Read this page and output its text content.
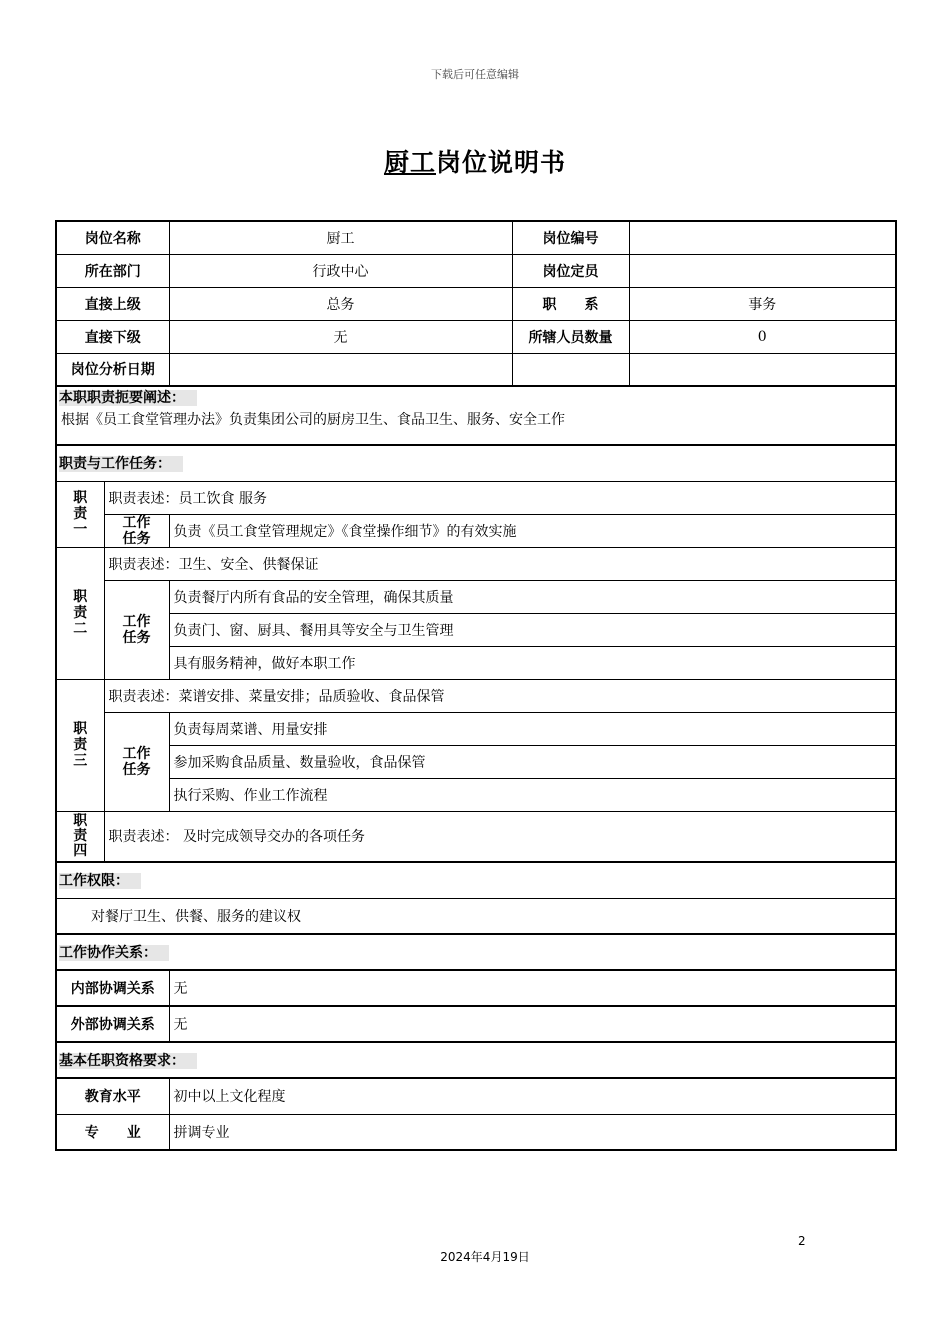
下载后可任意编辑
厨工岗位说明书
岗位名称		厨工	岗位编号	
所在部门		行政中心	岗位定员	
直接上级		总务	职　　系	事务
直接下级		无	所辖人员数量	0
岗位分析日期				
本职职责扼要阐述：				
根据《员工食堂管理办法》负责集团公司的厨房卫生、食品卫生、服务、安全工作				
职责与工作任务：				
职责一	职责表述：员工饮食 服务			
	工作任务	负责《员工食堂管理规定》《食堂操作细节》的有效实施		
职责二	职责表述：卫生、安全、供餐保证			
	工作任务	负责餐厅内所有食品的安全管理，确保其质量		
		负责门、窗、厨具、餐用具等安全与卫生管理		
		具有服务精神，做好本职工作		
职责三	职责表述：菜谱安排、菜量安排；品质验收、食品保管			
	工作任务	负责每周菜谱、用量安排		
		参加采购食品质量、数量验收，食品保管		
		执行采购、作业工作流程		
职责四	职责表述： 及时完成领导交办的各项任务			
工作权限：				
对餐厅卫生、供餐、服务的建议权				
工作协作关系：				
内部协调关系		无		
外部协调关系		无		
基本任职资格要求：				
教育水平		初中以上文化程度		
专　　业		拼调专业		
2
2024年4月19日
